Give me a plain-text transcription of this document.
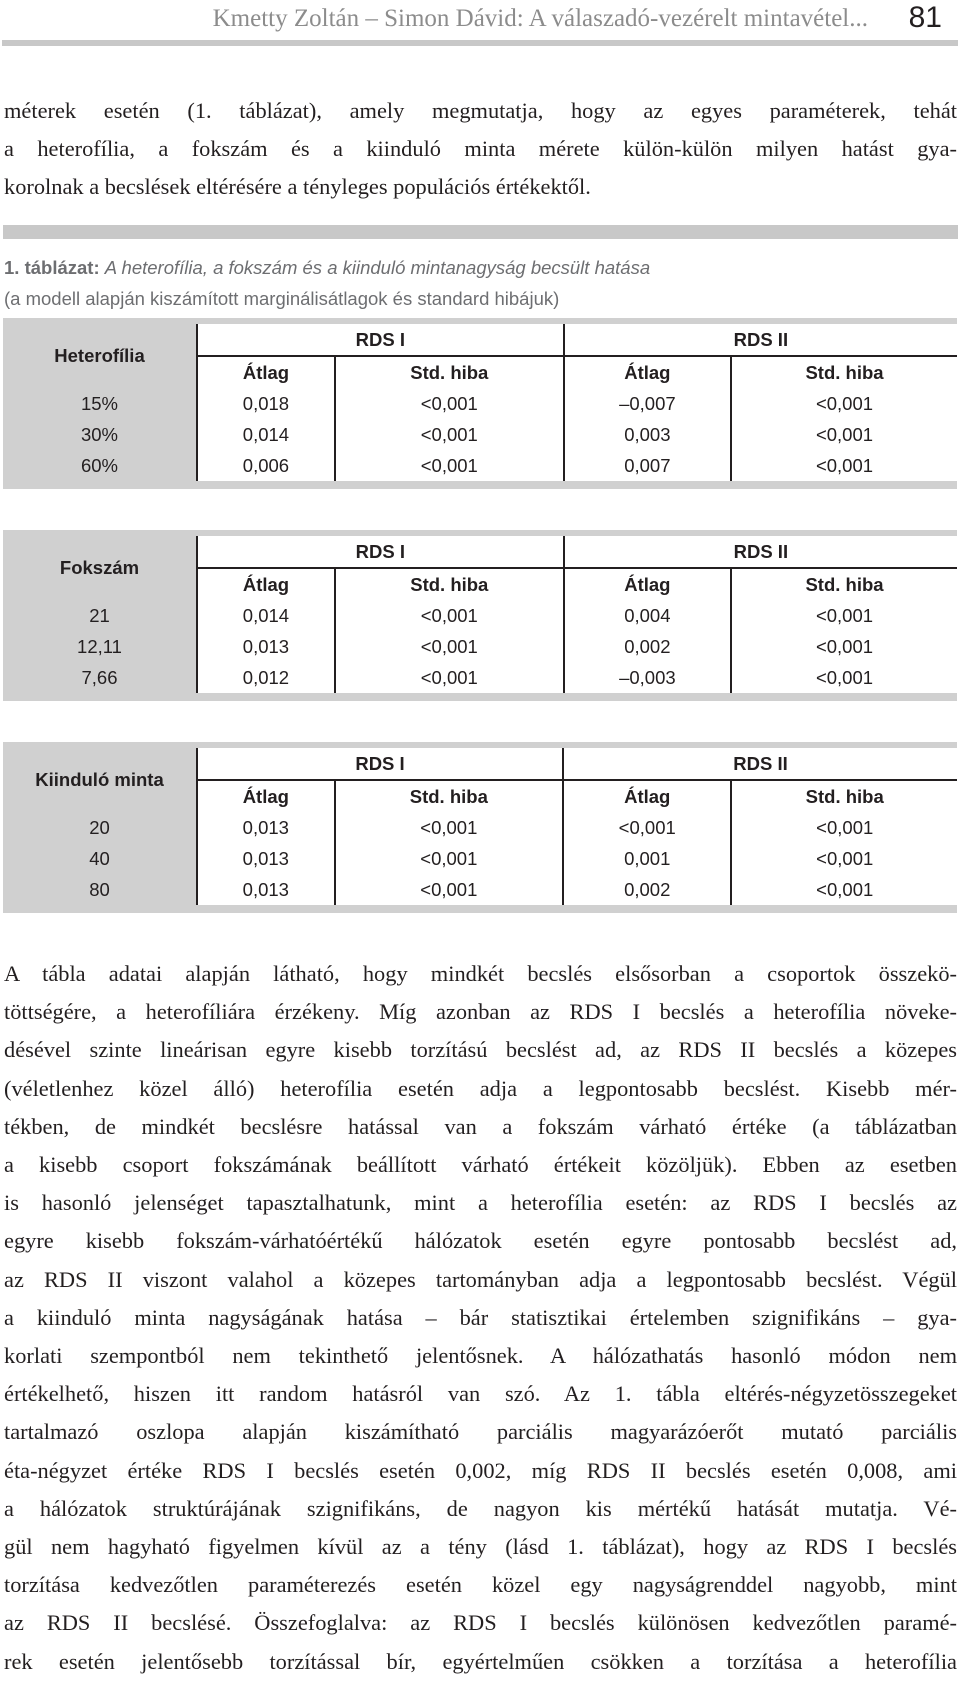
Kmetty Zoltán – Simon Dávid: A válaszadó-vezérelt mintavétel... 81
méterek esetén (1. táblázat), amely megmutatja, hogy az egyes paraméterek, tehát
a heterofília, a fokszám és a kiinduló minta mérete külön-külön milyen hatást gya-
korolnak a becslések eltérésére a tényleges populációs értékektől.
1. táblázat: A heterofília, a fokszám és a kiinduló mintanagyság becsült hatása
(a modell alapján kiszámított marginálisátlagok és standard hibájuk)

Heterofília	RDS I		RDS II	
	Átlag	Std. hiba	Átlag	Std. hiba
15%	0,018	<0,001	–0,007	<0,001
30%	0,014	<0,001	0,003	<0,001
60%	0,006	<0,001	0,007	<0,001

Fokszám	RDS I		RDS II	
	Átlag	Std. hiba	Átlag	Std. hiba
21	0,014	<0,001	0,004	<0,001
12,11	0,013	<0,001	0,002	<0,001
7,66	0,012	<0,001	–0,003	<0,001

Kiinduló minta	RDS I		RDS II	
	Átlag	Std. hiba	Átlag	Std. hiba
20	0,013	<0,001	<0,001	<0,001
40	0,013	<0,001	0,001	<0,001
80	0,013	<0,001	0,002	<0,001

A tábla adatai alapján látható, hogy mindkét becslés elsősorban a csoportok összekö-
töttségére, a heterofíliára érzékeny. Míg azonban az RDS I becslés a heterofília növeke-
désével szinte lineárisan egyre kisebb torzítású becslést ad, az RDS II becslés a közepes
(véletlenhez közel álló) heterofília esetén adja a legpontosabb becslést. Kisebb mér-
tékben, de mindkét becslésre hatással van a fokszám várható értéke (a táblázatban
a kisebb csoport fokszámának beállított várható értékeit közöljük). Ebben az esetben
is hasonló jelenséget tapasztalhatunk, mint a heterofília esetén: az RDS I becslés az
egyre kisebb fokszám-várhatóértékű hálózatok esetén egyre pontosabb becslést ad,
az RDS II viszont valahol a közepes tartományban adja a legpontosabb becslést. Végül
a kiinduló minta nagyságának hatása – bár statisztikai értelemben szignifikáns – gya-
korlati szempontból nem tekinthető jelentősnek. A hálózathatás hasonló módon nem
értékelhető, hiszen itt random hatásról van szó. Az 1. tábla eltérés-négyzetösszegeket
tartalmazó oszlopa alapján kiszámítható parciális magyarázóerőt mutató parciális
éta-négyzet értéke RDS I becslés esetén 0,002, míg RDS II becslés esetén 0,008, ami
a hálózatok struktúrájának szignifikáns, de nagyon kis mértékű hatását mutatja. Vé-
gül nem hagyható figyelmen kívül az a tény (lásd 1. táblázat), hogy az RDS I becslés
torzítása kedvezőtlen paraméterezés esetén közel egy nagyságrenddel nagyobb, mint
az RDS II becslésé. Összefoglalva: az RDS I becslés különösen kedvezőtlen paramé-
rek esetén jelentősebb torzítással bír, egyértelműen csökken a torzítása a heterofília
